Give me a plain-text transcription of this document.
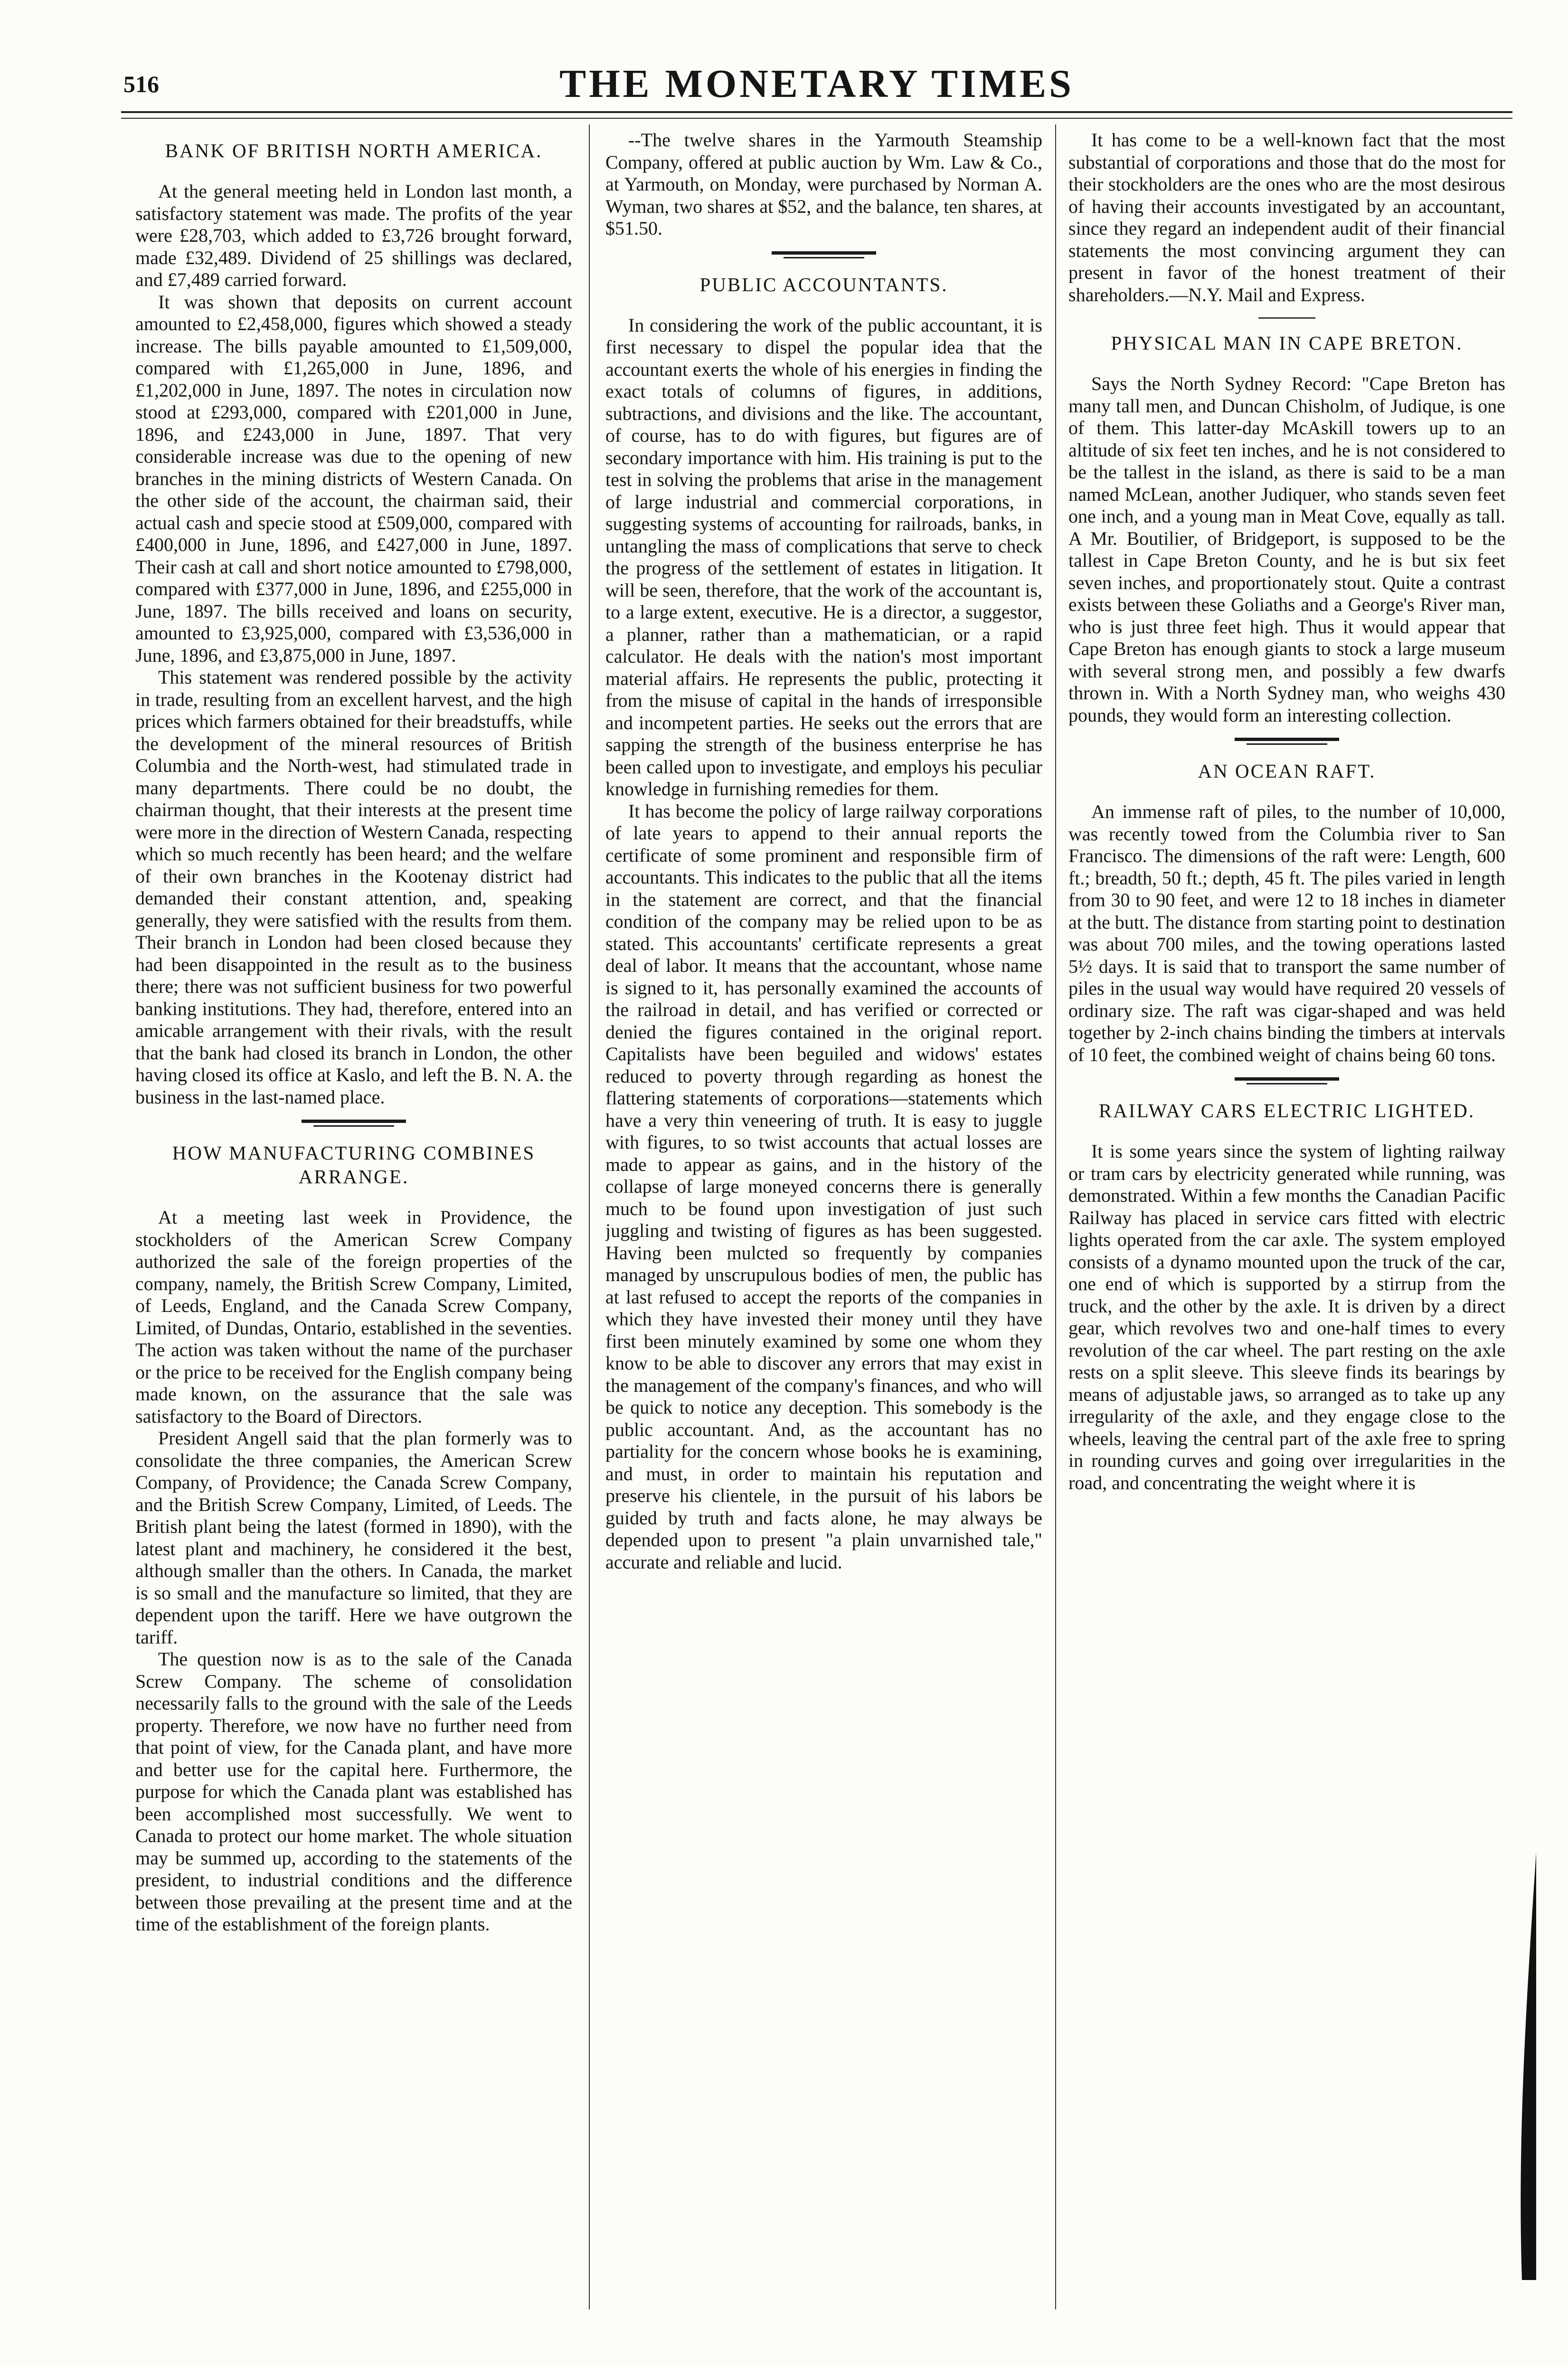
516	THE MONETARY TIMES
BANK OF BRITISH NORTH AMERICA.

At the general meeting held in London last month, a satisfactory statement was made. The profits of the year were £28,703, which added to £3,726 brought forward, made £32,489. Dividend of 25 shillings was declared, and £7,489 carried forward.

It was shown that deposits on current account amounted to £2,458,000, figures which showed a steady increase. The bills payable amounted to £1,509,000, compared with £1,265,000 in June, 1896, and £1,202,000 in June, 1897. The notes in circulation now stood at £293,000, compared with £201,000 in June, 1896, and £243,000 in June, 1897. That very considerable increase was due to the opening of new branches in the mining districts of Western Canada. On the other side of the account, the chairman said, their actual cash and specie stood at £509,000, compared with £400,000 in June, 1896, and £427,000 in June, 1897. Their cash at call and short notice amounted to £798,000, compared with £377,000 in June, 1896, and £255,000 in June, 1897. The bills received and loans on security, amounted to £3,925,000, compared with £3,536,000 in June, 1896, and £3,875,000 in June, 1897.

This statement was rendered possible by the activity in trade, resulting from an excellent harvest, and the high prices which farmers obtained for their breadstuffs, while the development of the mineral resources of British Columbia and the North-west, had stimulated trade in many departments. There could be no doubt, the chairman thought, that their interests at the present time were more in the direction of Western Canada, respecting which so much recently has been heard; and the welfare of their own branches in the Kootenay district had demanded their constant attention, and, speaking generally, they were satisfied with the results from them. Their branch in London had been closed because they had been disappointed in the result as to the business there; there was not sufficient business for two powerful banking institutions. They had, therefore, entered into an amicable arrangement with their rivals, with the result that the bank had closed its branch in London, the other having closed its office at Kaslo, and left the B. N. A. the business in the last-named place.

HOW MANUFACTURING COMBINES ARRANGE.

At a meeting last week in Providence, the stockholders of the American Screw Company authorized the sale of the foreign properties of the company, namely, the British Screw Company, Limited, of Leeds, England, and the Canada Screw Company, Limited, of Dundas, Ontario, established in the seventies. The action was taken without the name of the purchaser or the price to be received for the English company being made known, on the assurance that the sale was satisfactory to the Board of Directors.

President Angell said that the plan formerly was to consolidate the three companies, the American Screw Company, of Providence; the Canada Screw Company, and the British Screw Company, Limited, of Leeds. The British plant being the latest (formed in 1890), with the latest plant and machinery, he considered it the best, although smaller than the others. In Canada, the market is so small and the manufacture so limited, that they are dependent upon the tariff. Here we have outgrown the tariff.

The question now is as to the sale of the Canada Screw Company. The scheme of consolidation necessarily falls to the ground with the sale of the Leeds property. Therefore, we now have no further need from that point of view, for the Canada plant, and have more and better use for the capital here. Furthermore, the purpose for which the Canada plant was established has been accomplished most successfully. We went to Canada to protect our home market. The whole situation may be summed up, according to the statements of the president, to industrial conditions and the difference between those prevailing at the present time and at the time of the establishment of the foreign plants.

--The twelve shares in the Yarmouth Steamship Company, offered at public auction by Wm. Law & Co., at Yarmouth, on Monday, were purchased by Norman A. Wyman, two shares at $52, and the balance, ten shares, at $51.50.

PUBLIC ACCOUNTANTS.

In considering the work of the public accountant, it is first necessary to dispel the popular idea that the accountant exerts the whole of his energies in finding the exact totals of columns of figures, in additions, subtractions, and divisions and the like. The accountant, of course, has to do with figures, but figures are of secondary importance with him. His training is put to the test in solving the problems that arise in the management of large industrial and commercial corporations, in suggesting systems of accounting for railroads, banks, in untangling the mass of complications that serve to check the progress of the settlement of estates in litigation. It will be seen, therefore, that the work of the accountant is, to a large extent, executive. He is a director, a suggestor, a planner, rather than a mathematician, or a rapid calculator. He deals with the nation's most important material affairs. He represents the public, protecting it from the misuse of capital in the hands of irresponsible and incompetent parties. He seeks out the errors that are sapping the strength of the business enterprise he has been called upon to investigate, and employs his peculiar knowledge in furnishing remedies for them.

It has become the policy of large railway corporations of late years to append to their annual reports the certificate of some prominent and responsible firm of accountants. This indicates to the public that all the items in the statement are correct, and that the financial condition of the company may be relied upon to be as stated. This accountants' certificate represents a great deal of labor. It means that the accountant, whose name is signed to it, has personally examined the accounts of the railroad in detail, and has verified or corrected or denied the figures contained in the original report. Capitalists have been beguiled and widows' estates reduced to poverty through regarding as honest the flattering statements of corporations—statements which have a very thin veneering of truth. It is easy to juggle with figures, to so twist accounts that actual losses are made to appear as gains, and in the history of the collapse of large moneyed concerns there is generally much to be found upon investigation of just such juggling and twisting of figures as has been suggested. Having been mulcted so frequently by companies managed by unscrupulous bodies of men, the public has at last refused to accept the reports of the companies in which they have invested their money until they have first been minutely examined by some one whom they know to be able to discover any errors that may exist in the management of the company's finances, and who will be quick to notice any deception. This somebody is the public accountant. And, as the accountant has no partiality for the concern whose books he is examining, and must, in order to maintain his reputation and preserve his clientele, in the pursuit of his labors be guided by truth and facts alone, he may always be depended upon to present "a plain unvarnished tale," accurate and reliable and lucid.

It has come to be a well-known fact that the most substantial of corporations and those that do the most for their stockholders are the ones who are the most desirous of having their accounts investigated by an accountant, since they regard an independent audit of their financial statements the most convincing argument they can present in favor of the honest treatment of their shareholders.—N.Y. Mail and Express.

PHYSICAL MAN IN CAPE BRETON.

Says the North Sydney Record: "Cape Breton has many tall men, and Duncan Chisholm, of Judique, is one of them. This latter-day McAskill towers up to an altitude of six feet ten inches, and he is not considered to be the tallest in the island, as there is said to be a man named McLean, another Judiquer, who stands seven feet one inch, and a young man in Meat Cove, equally as tall. A Mr. Boutilier, of Bridgeport, is supposed to be the tallest in Cape Breton County, and he is but six feet seven inches, and proportionately stout. Quite a contrast exists between these Goliaths and a George's River man, who is just three feet high. Thus it would appear that Cape Breton has enough giants to stock a large museum with several strong men, and possibly a few dwarfs thrown in. With a North Sydney man, who weighs 430 pounds, they would form an interesting collection.

AN OCEAN RAFT.

An immense raft of piles, to the number of 10,000, was recently towed from the Columbia river to San Francisco. The dimensions of the raft were: Length, 600 ft.; breadth, 50 ft.; depth, 45 ft. The piles varied in length from 30 to 90 feet, and were 12 to 18 inches in diameter at the butt. The distance from starting point to destination was about 700 miles, and the towing operations lasted 5½ days. It is said that to transport the same number of piles in the usual way would have required 20 vessels of ordinary size. The raft was cigar-shaped and was held together by 2-inch chains binding the timbers at intervals of 10 feet, the combined weight of chains being 60 tons.

RAILWAY CARS ELECTRIC LIGHTED.

It is some years since the system of lighting railway or tram cars by electricity generated while running, was demonstrated. Within a few months the Canadian Pacific Railway has placed in service cars fitted with electric lights operated from the car axle. The system employed consists of a dynamo mounted upon the truck of the car, one end of which is supported by a stirrup from the truck, and the other by the axle. It is driven by a direct gear, which revolves two and one-half times to every revolution of the car wheel. The part resting on the axle rests on a split sleeve. This sleeve finds its bearings by means of adjustable jaws, so arranged as to take up any irregularity of the axle, and they engage close to the wheels, leaving the central part of the axle free to spring in rounding curves and going over irregularities in the road, and concentrating the weight where it is
